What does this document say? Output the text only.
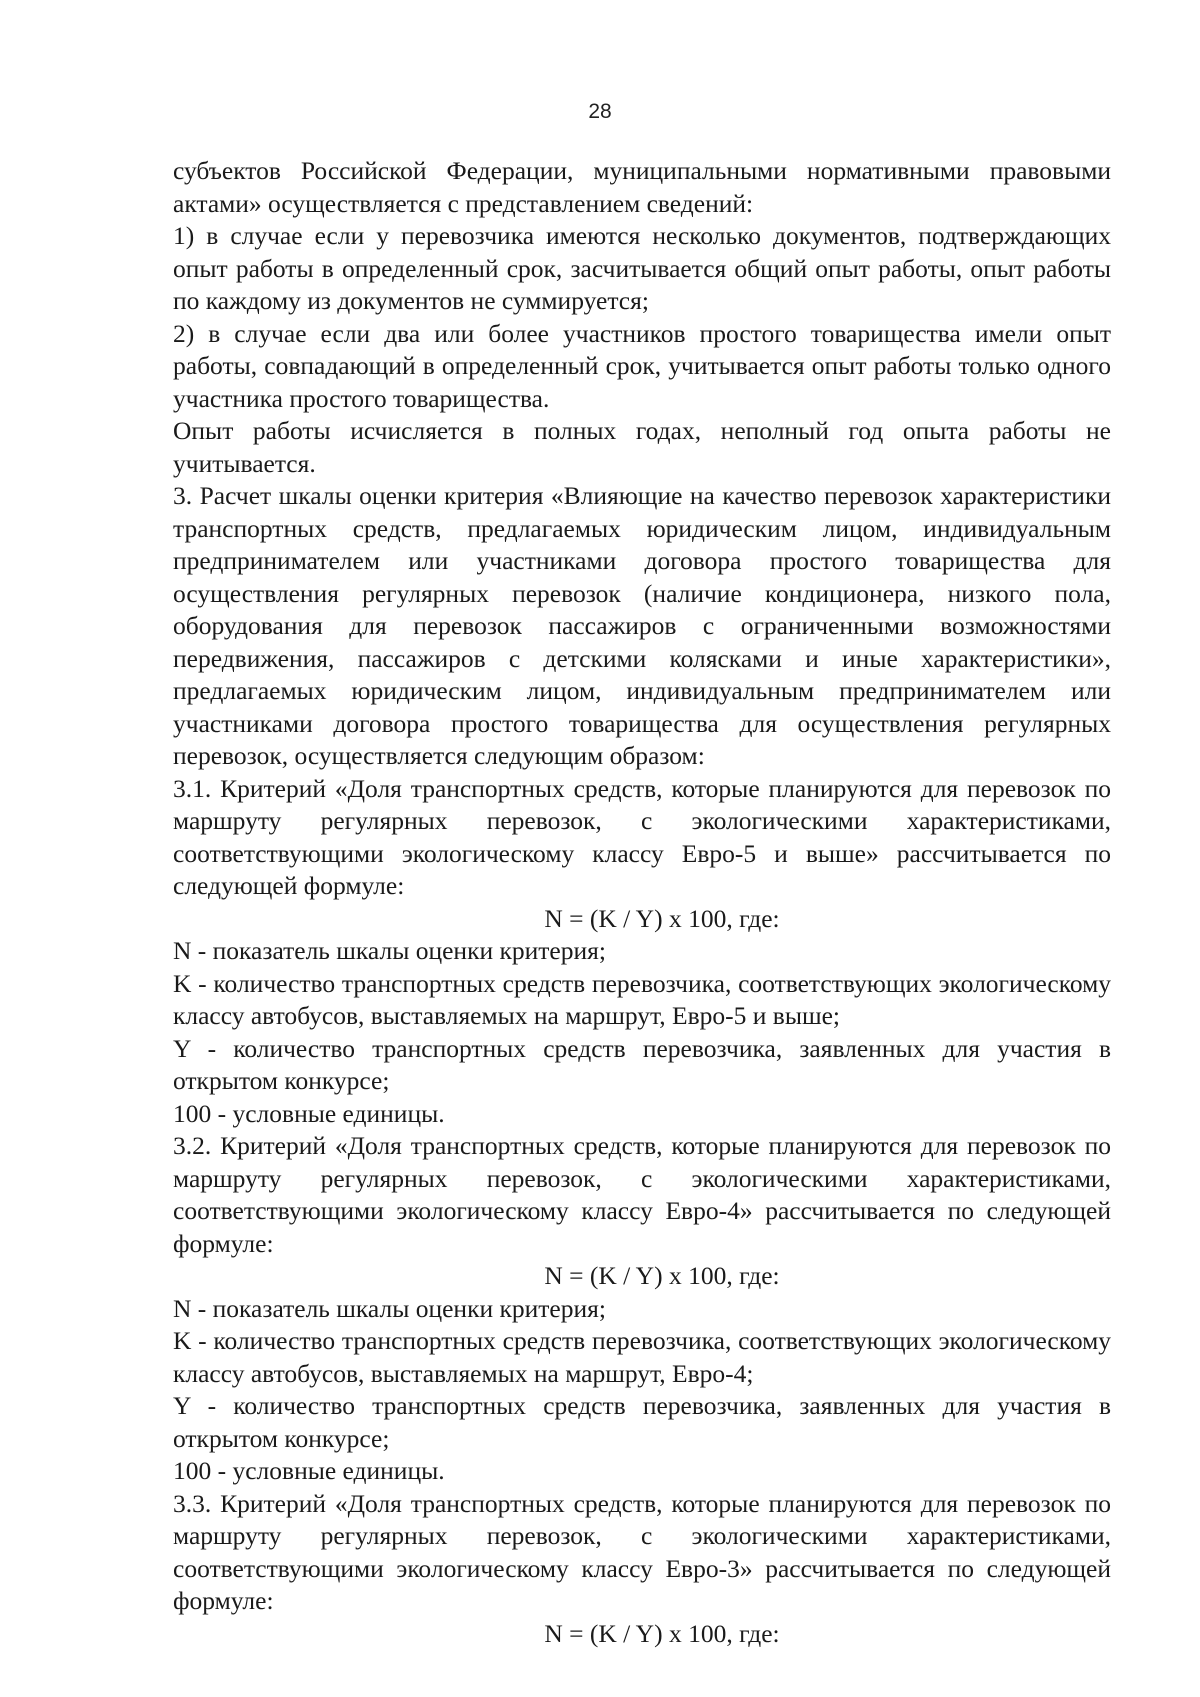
28

субъектов Российской Федерации, муниципальными нормативными правовыми актами» осуществляется с представлением сведений:

1) в случае если у перевозчика имеются несколько документов, подтверждающих опыт работы в определенный срок, засчитывается общий опыт работы, опыт работы по каждому из документов не суммируется;

2) в случае если два или более участников простого товарищества имели опыт работы, совпадающий в определенный срок, учитывается опыт работы только одного участника простого товарищества.

Опыт работы исчисляется в полных годах, неполный год опыта работы не учитывается.

3. Расчет шкалы оценки критерия «Влияющие на качество перевозок характеристики транспортных средств, предлагаемых юридическим лицом, индивидуальным предпринимателем или участниками договора простого товарищества для осуществления регулярных перевозок (наличие кондиционера, низкого пола, оборудования для перевозок пассажиров с ограниченными возможностями передвижения, пассажиров с детскими колясками и иные характеристики», предлагаемых юридическим лицом, индивидуальным предпринимателем или участниками договора простого товарищества для осуществления регулярных перевозок, осуществляется следующим образом:

3.1. Критерий «Доля транспортных средств, которые планируются для перевозок по маршруту регулярных перевозок, с экологическими характеристиками, соответствующими экологическому классу Евро-5 и выше» рассчитывается по следующей формуле:

N = (K / Y) x 100, где:

N - показатель шкалы оценки критерия;

K - количество транспортных средств перевозчика, соответствующих экологическому классу автобусов, выставляемых на маршрут, Евро-5 и выше;

Y - количество транспортных средств перевозчика, заявленных для участия в открытом конкурсе;

100 - условные единицы.

3.2. Критерий «Доля транспортных средств, которые планируются для перевозок по маршруту регулярных перевозок, с экологическими характеристиками, соответствующими экологическому классу Евро-4» рассчитывается по следующей формуле:

N = (K / Y) x 100, где:

N - показатель шкалы оценки критерия;

K - количество транспортных средств перевозчика, соответствующих экологическому классу автобусов, выставляемых на маршрут, Евро-4;

Y - количество транспортных средств перевозчика, заявленных для участия в открытом конкурсе;

100 - условные единицы.

3.3. Критерий «Доля транспортных средств, которые планируются для перевозок по маршруту регулярных перевозок, с экологическими характеристиками, соответствующими экологическому классу Евро-3» рассчитывается по следующей формуле:

N = (K / Y) x 100, где:
